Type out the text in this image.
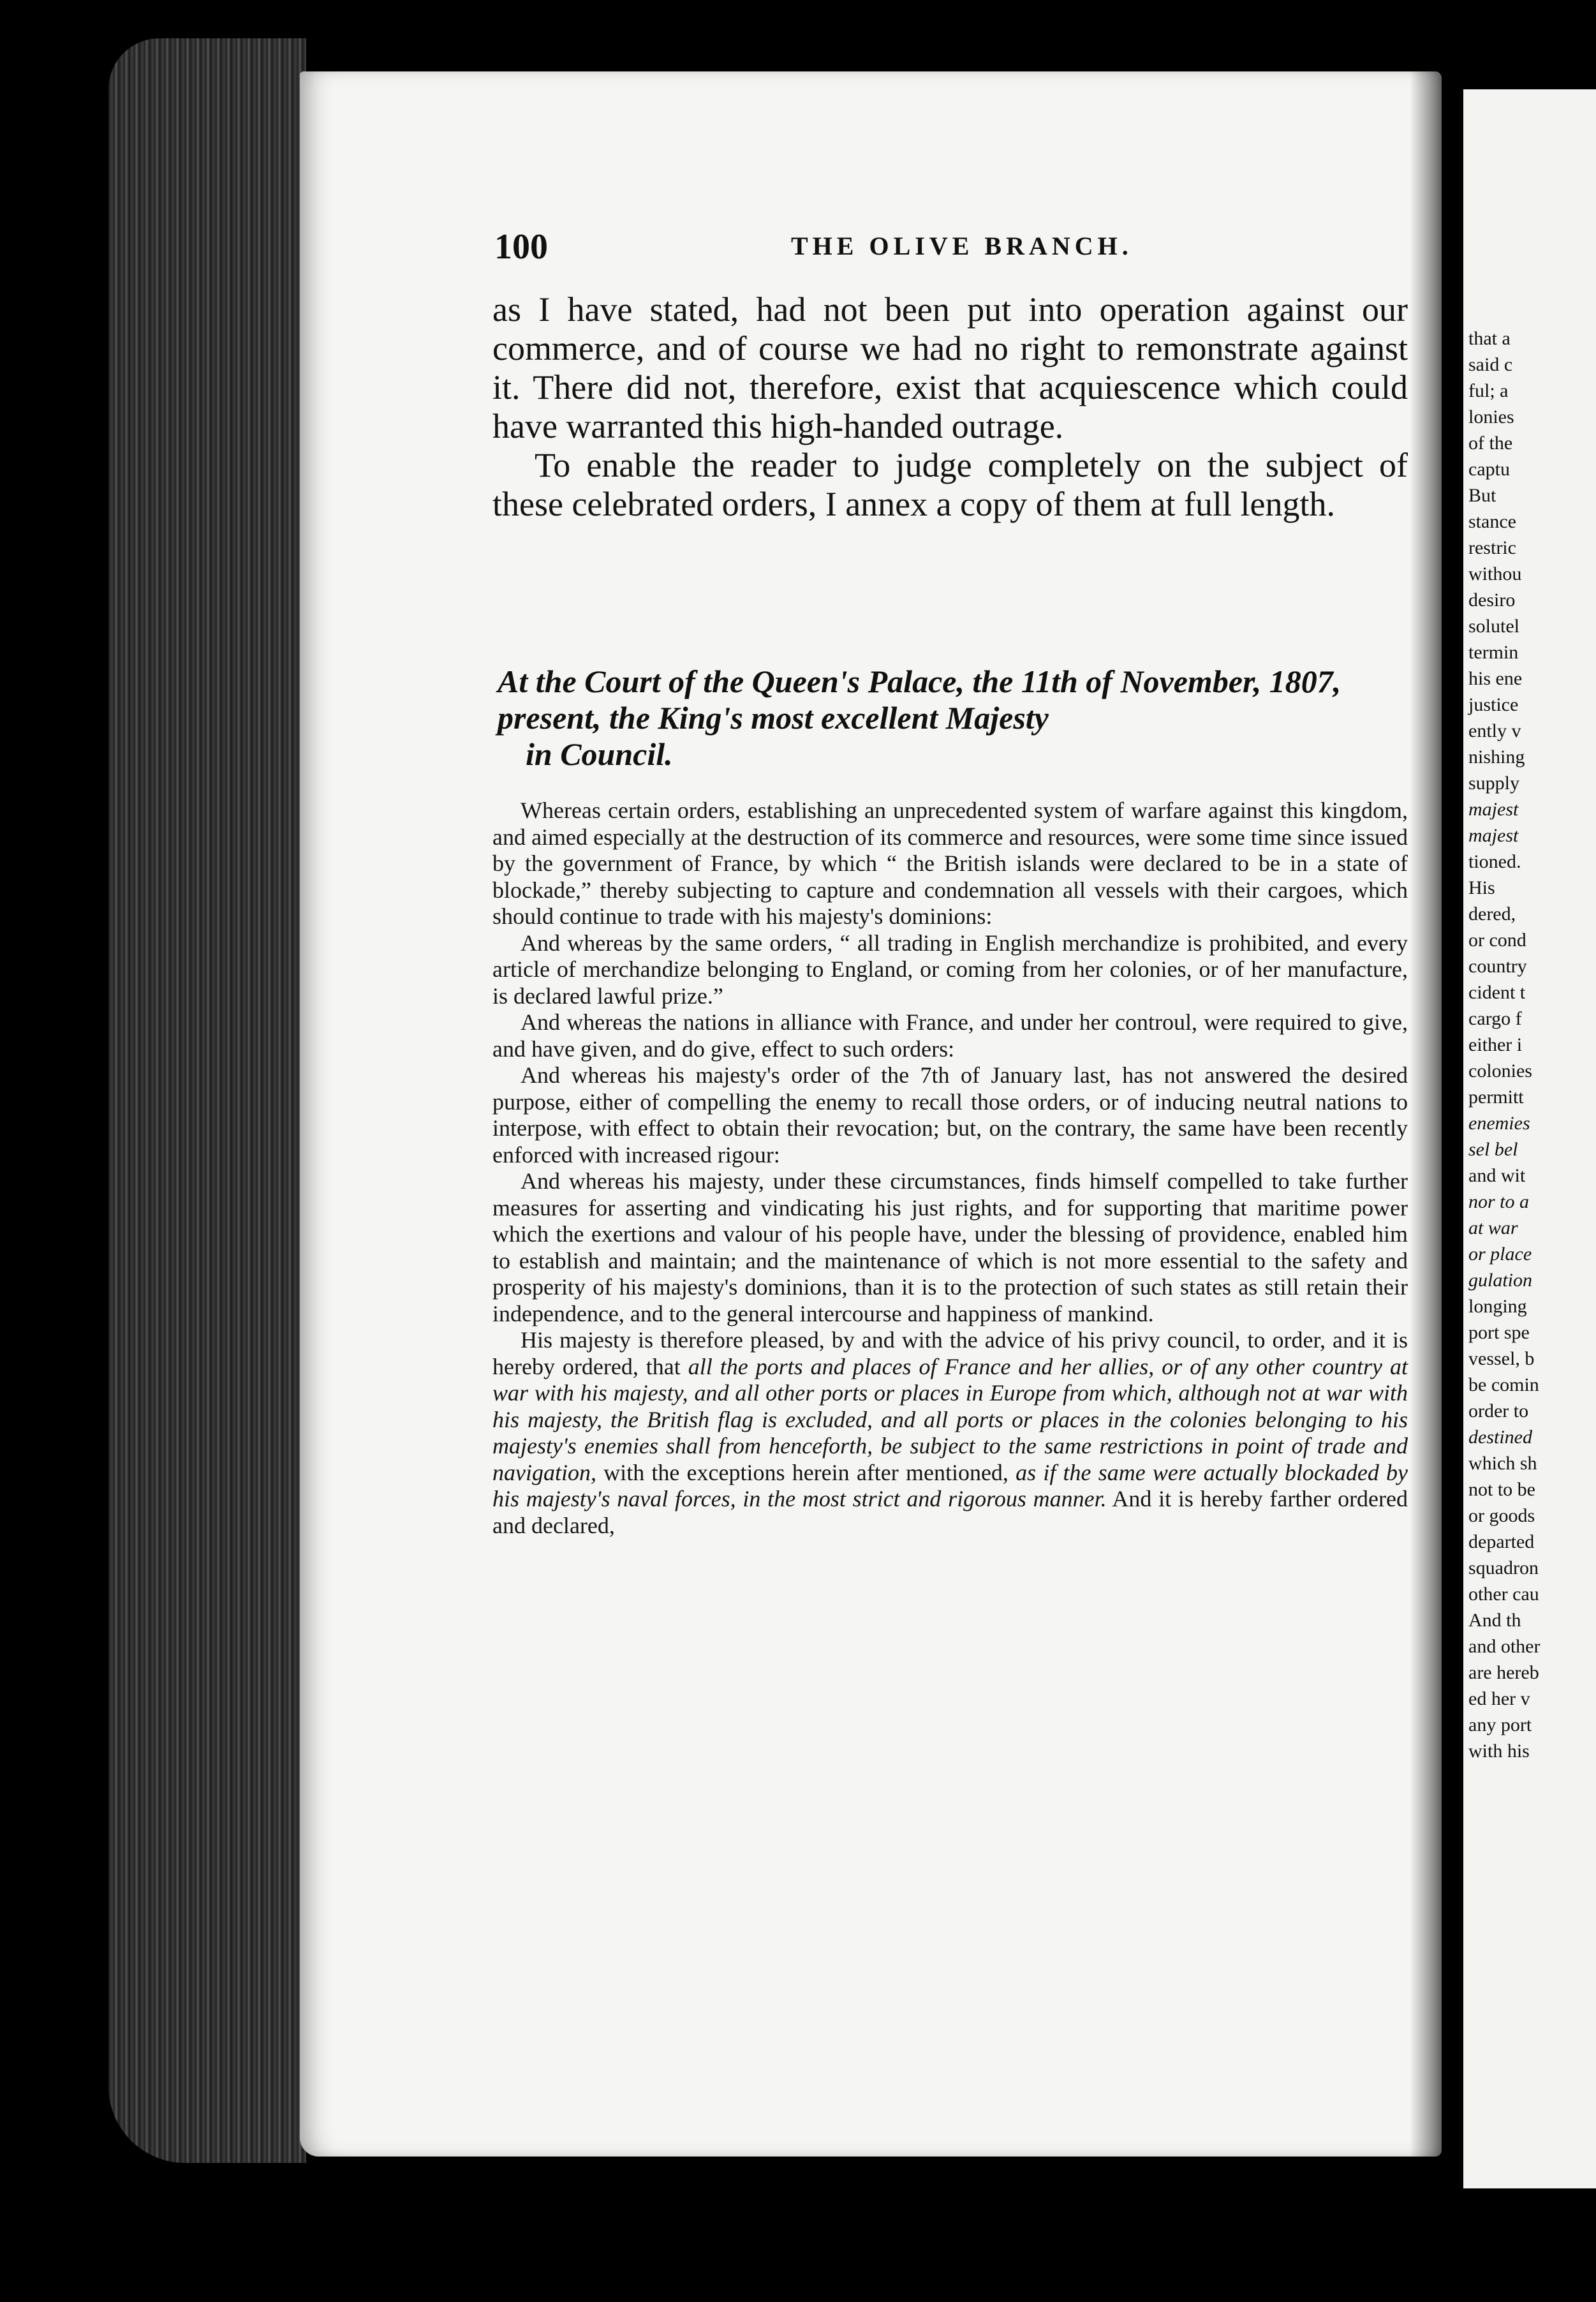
that a
said c
ful; a
lonies
of the
captu
But
stance
restric
withou
desiro
solutel
termin
his ene
justice
ently v
nishing
supply
majest
majest
tioned.
His
dered,
or cond
country
cident t
cargo f
either i
colonies
permitt
enemies
sel bel
and wit
nor to a
at war
or place
gulation
longing
port spe
vessel, b
be comin
order to
destined
which sh
not to be
or goods
departed
squadron
other cau
And th
and other
are hereb
ed her v
any port
with his
100	THE OLIVE BRANCH.

as I have stated, had not been put into operation against our commerce, and of course we had no right to remonstrate against it. There did not, therefore, exist that acquiescence which could have warranted this high-handed outrage.

To enable the reader to judge completely on the subject of these celebrated orders, I annex a copy of them at full length.

At the Court of the Queen's Palace, the 11th of November, 1807, present, the King's most excellent Majesty
in Council.

Whereas certain orders, establishing an unprecedented system of warfare against this kingdom, and aimed especially at the destruction of its commerce and resources, were some time since issued by the government of France, by which “ the British islands were declared to be in a state of blockade,” thereby subjecting to capture and condemnation all vessels with their cargoes, which should continue to trade with his majesty's dominions:

And whereas by the same orders, “ all trading in English merchandize is prohibited, and every article of merchandize belonging to England, or coming from her colonies, or of her manufacture, is declared lawful prize.”

And whereas the nations in alliance with France, and under her controul, were required to give, and have given, and do give, effect to such orders:

And whereas his majesty's order of the 7th of January last, has not answered the desired purpose, either of compelling the enemy to recall those orders, or of inducing neutral nations to interpose, with effect to obtain their revocation; but, on the contrary, the same have been recently enforced with increased rigour:

And whereas his majesty, under these circumstances, finds himself compelled to take further measures for asserting and vindicating his just rights, and for supporting that maritime power which the exertions and valour of his people have, under the blessing of providence, enabled him to establish and maintain; and the maintenance of which is not more essential to the safety and prosperity of his majesty's dominions, than it is to the protection of such states as still retain their independence, and to the general intercourse and happiness of mankind.

His majesty is therefore pleased, by and with the advice of his privy council, to order, and it is hereby ordered, that all the ports and places of France and her allies, or of any other country at war with his majesty, and all other ports or places in Europe from which, although not at war with his majesty, the British flag is excluded, and all ports or places in the colonies belonging to his majesty's enemies shall from henceforth, be subject to the same restrictions in point of trade and navigation, with the exceptions herein after mentioned, as if the same were actually blockaded by his majesty's naval forces, in the most strict and rigorous manner. And it is hereby farther ordered and declared,
